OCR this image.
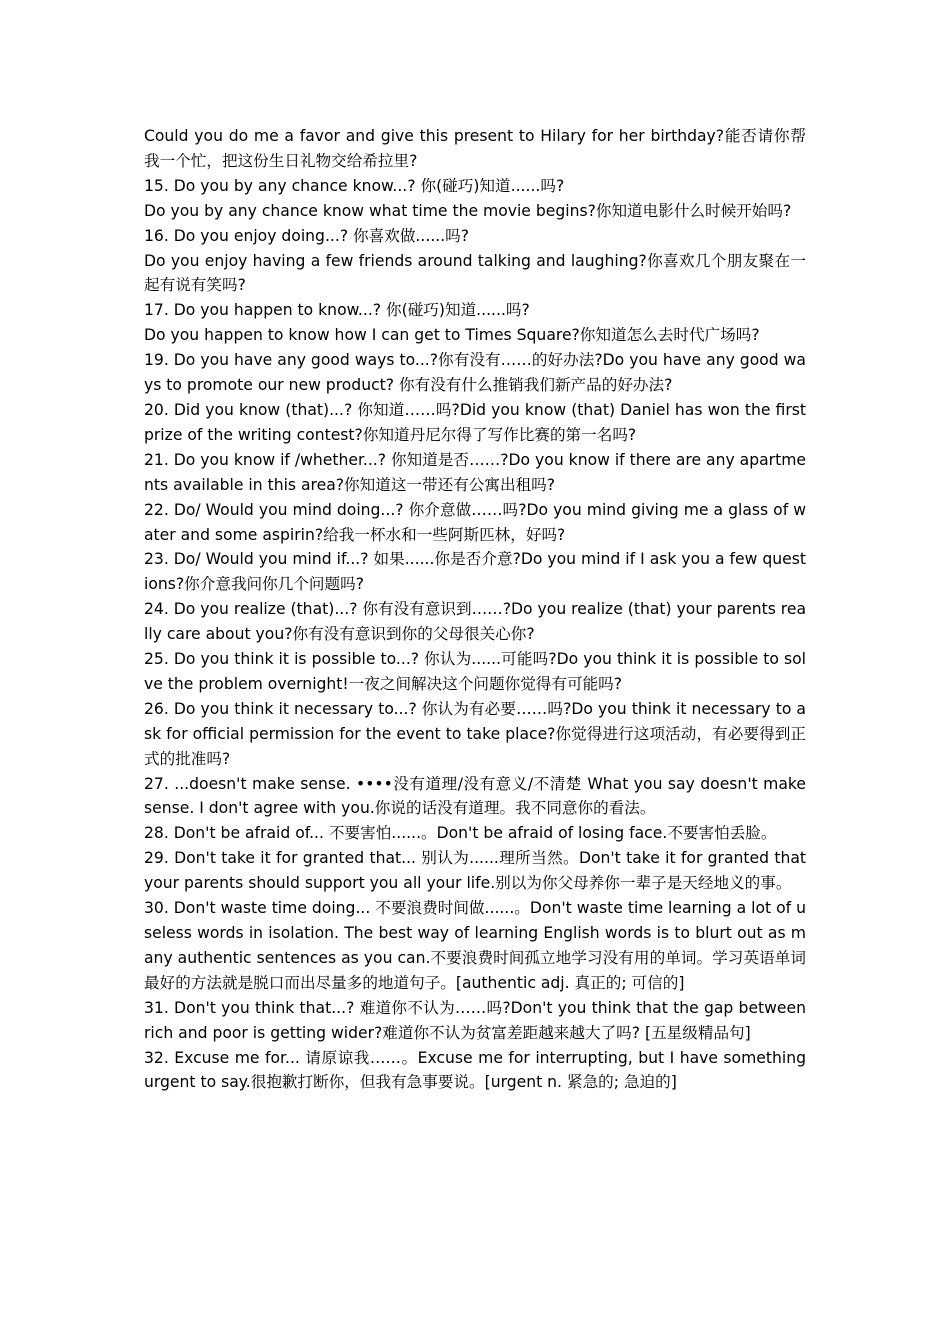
Could you do me a favor and give this present to Hilary for her birthday?能否请你帮我一个忙，把这份生日礼物交给希拉里?

15. Do you by any chance know...? 你(碰巧)知道......吗?

Do you by any chance know what time the movie begins?你知道电影什么时候开始吗?

16. Do you enjoy doing...? 你喜欢做......吗?

Do you enjoy having a few friends around talking and laughing?你喜欢几个朋友聚在一起有说有笑吗?

17. Do you happen to know...? 你(碰巧)知道......吗?

Do you happen to know how I can get to Times Square?你知道怎么去时代广场吗?

19. Do you have any good ways to...?你有没有……的好办法?Do you have any good ways to promote our new product? 你有没有什么推销我们新产品的好办法?

20. Did you know (that)...? 你知道……吗?Did you know (that) Daniel has won the first prize of the writing contest?你知道丹尼尔得了写作比赛的第一名吗?

21. Do you know if /whether...? 你知道是否……?Do you know if there are any apartments available in this area?你知道这一带还有公寓出租吗?

22. Do/ Would you mind doing...? 你介意做……吗?Do you mind giving me a glass of water and some aspirin?给我一杯水和一些阿斯匹林，好吗?

23. Do/ Would you mind if...? 如果......你是否介意?Do you mind if I ask you a few questions?你介意我问你几个问题吗?

24. Do you realize (that)...? 你有没有意识到……?Do you realize (that) your parents really care about you?你有没有意识到你的父母很关心你?

25. Do you think it is possible to...? 你认为......可能吗?Do you think it is possible to solve the problem overnight!一夜之间解决这个问题你觉得有可能吗?

26. Do you think it necessary to...? 你认为有必要……吗?Do you think it necessary to ask for official permission for the event to take place?你觉得进行这项活动，有必要得到正式的批准吗?

27. ...doesn't make sense. ••••没有道理/没有意义/不清楚 What you say doesn't make sense. I don't agree with you.你说的话没有道理。我不同意你的看法。

28. Don't be afraid of... 不要害怕......。Don't be afraid of losing face.不要害怕丢脸。

29. Don't take it for granted that... 别认为......理所当然。Don't take it for granted that your parents should support you all your life.别以为你父母养你一辈子是天经地义的事。

30. Don't waste time doing... 不要浪费时间做......。Don't waste time learning a lot of useless words in isolation. The best way of learning English words is to blurt out as many authentic sentences as you can.不要浪费时间孤立地学习没有用的单词。学习英语单词最好的方法就是脱口而出尽量多的地道句子。[authentic adj. 真正的; 可信的]

31. Don't you think that...? 难道你不认为……吗?Don't you think that the gap between rich and poor is getting wider?难道你不认为贫富差距越来越大了吗? [五星级精品句]

32. Excuse me for... 请原谅我……。Excuse me for interrupting, but I have something urgent to say.很抱歉打断你，但我有急事要说。[urgent n. 紧急的; 急迫的]
